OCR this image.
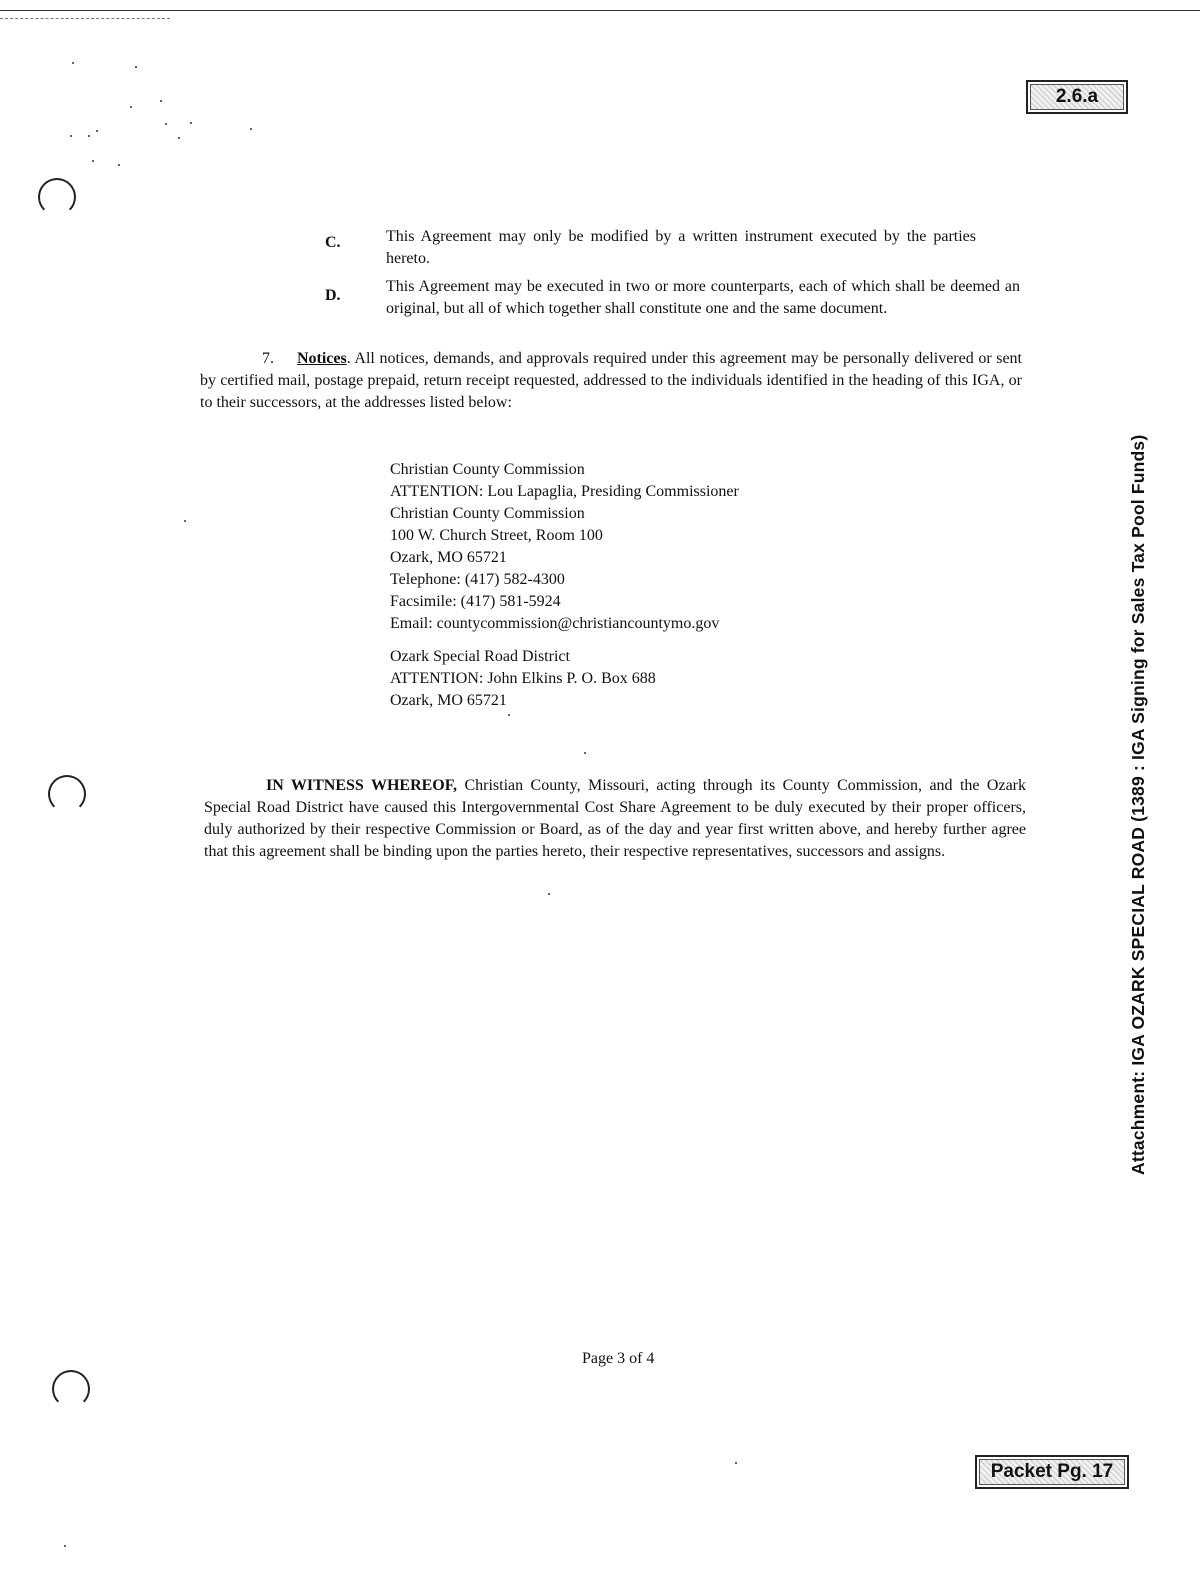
2.6.a
C.	This Agreement may only be modified by a written instrument executed by the parties hereto.
D.
This Agreement may be executed in two or more counterparts, each of which shall be deemed an original, but all of which together shall constitute one and the same document.
7. Notices. All notices, demands, and approvals required under this agreement may be personally delivered or sent by certified mail, postage prepaid, return receipt requested, addressed to the individuals identified in the heading of this IGA, or to their successors, at the addresses listed below:
Christian County Commission
ATTENTION: Lou Lapaglia, Presiding Commissioner
Christian County Commission
100 W. Church Street, Room 100
Ozark, MO 65721
Telephone: (417) 582-4300
Facsimile: (417) 581-5924
Email: countycommission@christiancountymo.gov
Ozark Special Road District
ATTENTION: John Elkins P. O. Box 688
Ozark, MO 65721
IN WITNESS WHEREOF, Christian County, Missouri, acting through its County Commission, and the Ozark Special Road District have caused this Intergovernmental Cost Share Agreement to be duly executed by their proper officers, duly authorized by their respective Commission or Board, as of the day and year first written above, and hereby further agree that this agreement shall be binding upon the parties hereto, their respective representatives, successors and assigns.
Page 3 of 4
Attachment: IGA OZARK SPECIAL ROAD (1389 : IGA Signing for Sales Tax Pool Funds)
Packet Pg. 17
